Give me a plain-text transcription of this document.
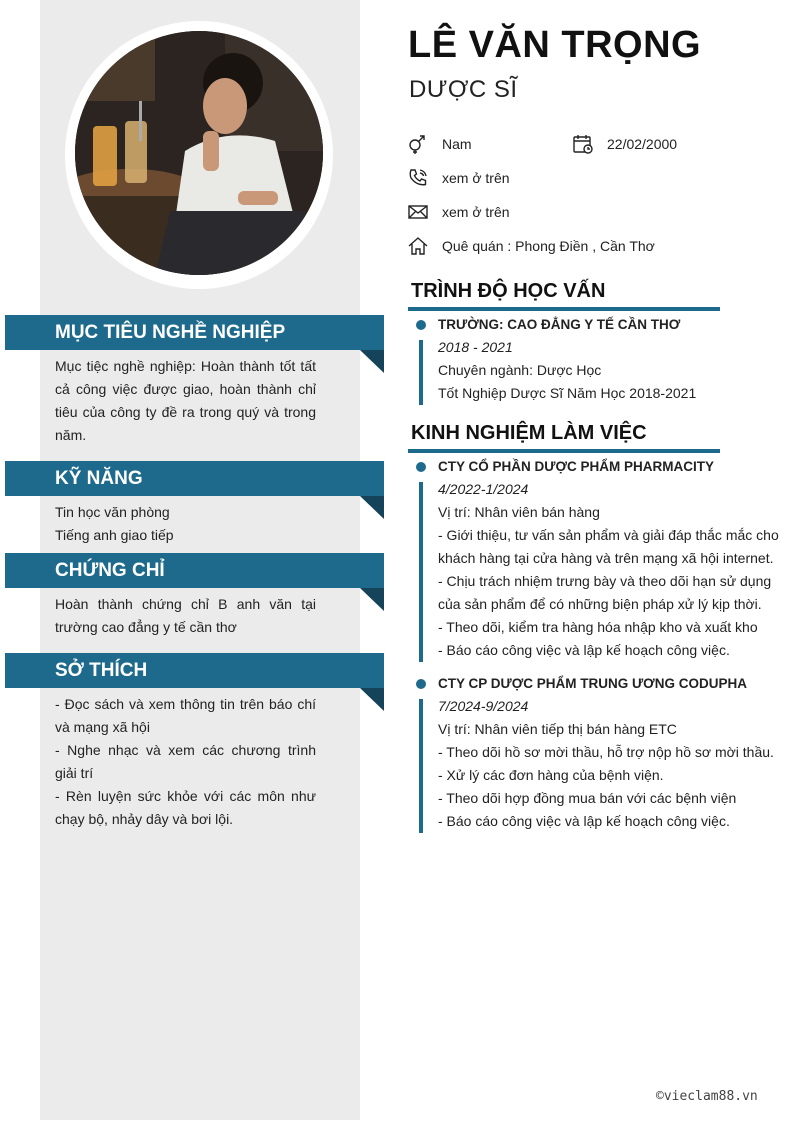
MỤC TIÊU NGHỀ NGHIỆP

Mục tiệc nghề nghiệp: Hoàn thành tốt tất cả công việc được giao, hoàn thành chỉ tiêu của công ty đề ra trong quý và trong năm.

KỸ NĂNG

Tin học văn phòng

Tiếng anh giao tiếp

CHỨNG CHỈ

Hoàn thành chứng chỉ B anh văn tại trường cao đẳng y tế cần thơ

SỞ THÍCH

- Đọc sách và xem thông tin trên báo chí và mạng xã hội

- Nghe nhạc và xem các chương trình giải trí

- Rèn luyện sức khỏe với các môn như chạy bộ, nhảy dây và bơi lội.

LÊ VĂN TRỌNG
DƯỢC SĨ
Nam	22/02/2000
xem ở trên
xem ở trên
Quê quán : Phong Điền , Cần Thơ
TRÌNH ĐỘ HỌC VẤN
TRƯỜNG: CAO ĐẲNG Y TẾ CẦN THƠ
2018 - 2021
Chuyên ngành: Dược Học
Tốt Nghiệp Dược Sĩ Năm Học 2018-2021
KINH NGHIỆM LÀM VIỆC
CTY CỔ PHẦN DƯỢC PHẨM PHARMACITY
4/2022-1/2024
Vị trí: Nhân viên bán hàng
- Giới thiệu, tư vấn sản phẩm và giải đáp thắc mắc cho khách hàng tại cửa hàng và trên mạng xã hội internet.
- Chịu trách nhiệm trưng bày và theo dõi hạn sử dụng của sản phẩm để có những biện pháp xử lý kịp thời.
- Theo dõi, kiểm tra hàng hóa nhập kho và xuất kho
- Báo cáo công việc và lập kế hoạch công việc.
CTY CP DƯỢC PHẨM TRUNG ƯƠNG CODUPHA
7/2024-9/2024
Vị trí: Nhân viên tiếp thị bán hàng ETC
- Theo dõi hồ sơ mời thầu, hỗ trợ nộp hồ sơ mời thầu.
- Xử lý các đơn hàng của bệnh viện.
- Theo dõi hợp đồng mua bán với các bệnh viện
- Báo cáo công việc và lập kế hoạch công việc.
©vieclam88.vn
